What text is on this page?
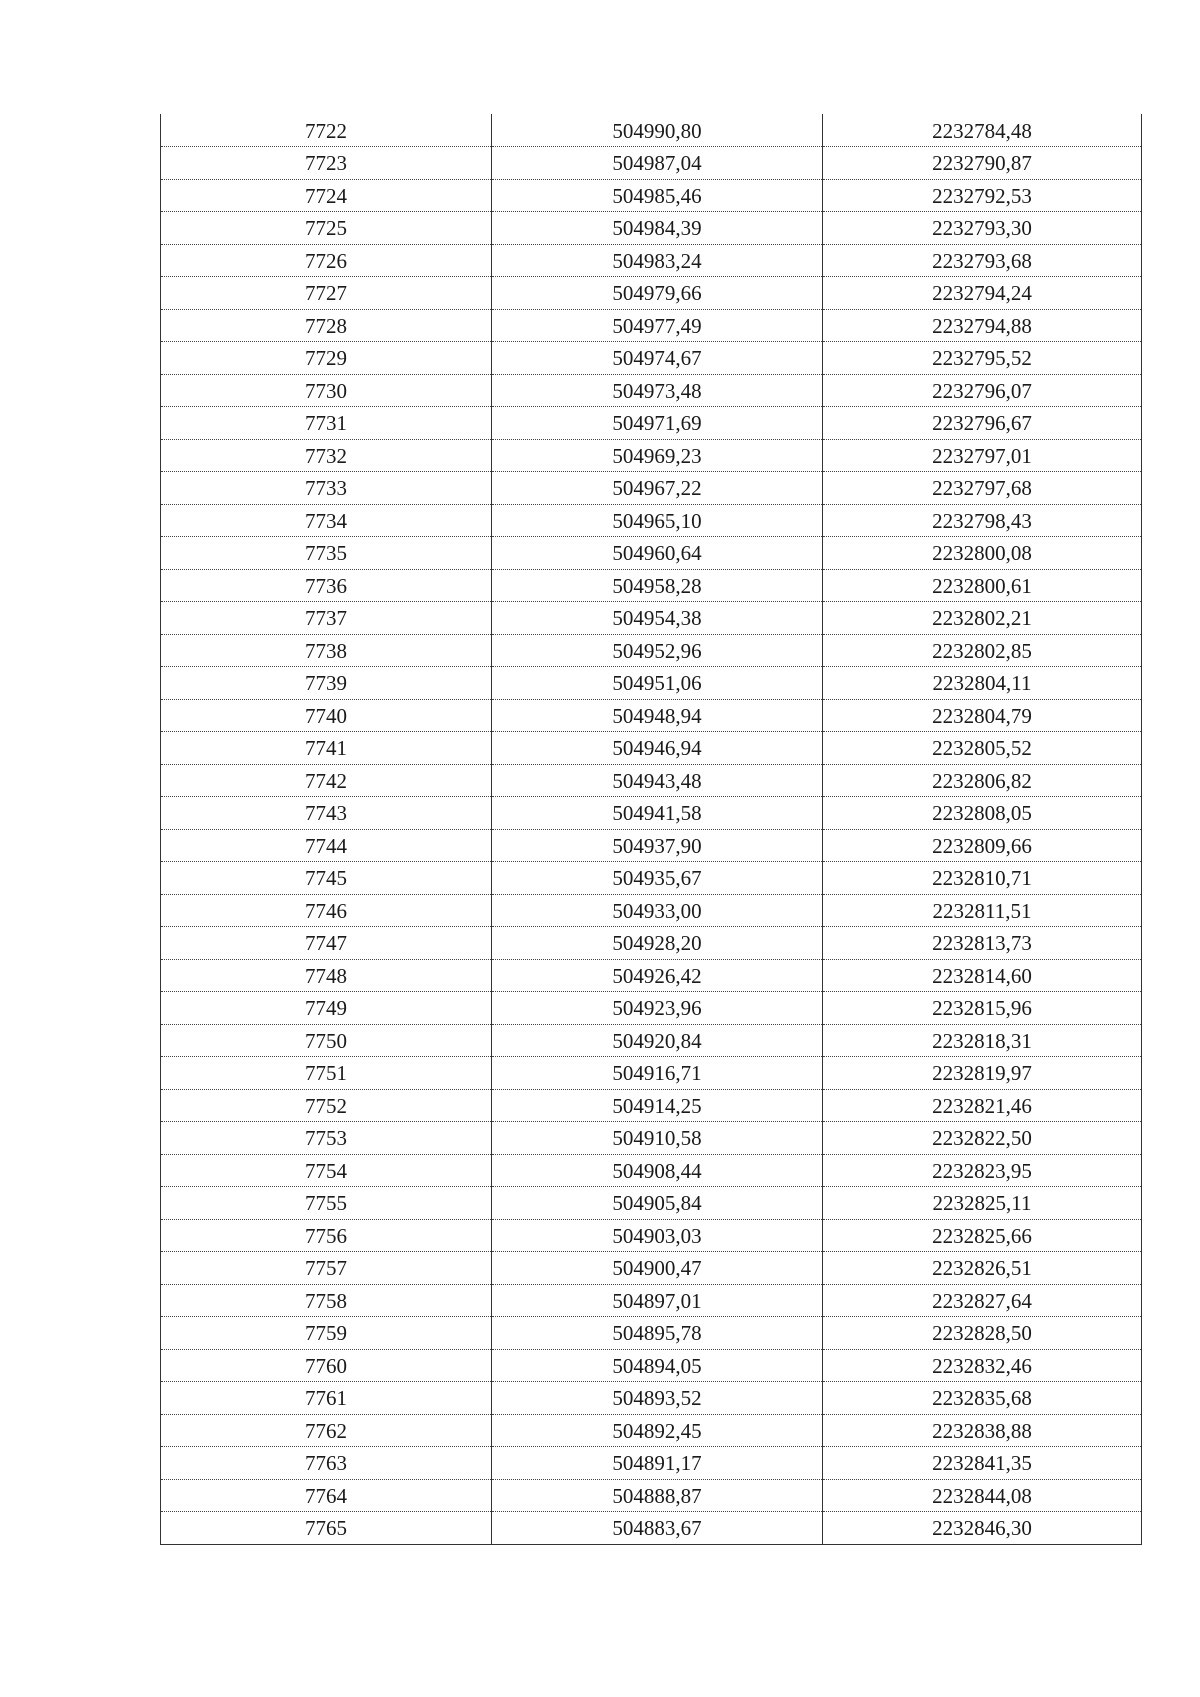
7722	504990,80	2232784,48
7723	504987,04	2232790,87
7724	504985,46	2232792,53
7725	504984,39	2232793,30
7726	504983,24	2232793,68
7727	504979,66	2232794,24
7728	504977,49	2232794,88
7729	504974,67	2232795,52
7730	504973,48	2232796,07
7731	504971,69	2232796,67
7732	504969,23	2232797,01
7733	504967,22	2232797,68
7734	504965,10	2232798,43
7735	504960,64	2232800,08
7736	504958,28	2232800,61
7737	504954,38	2232802,21
7738	504952,96	2232802,85
7739	504951,06	2232804,11
7740	504948,94	2232804,79
7741	504946,94	2232805,52
7742	504943,48	2232806,82
7743	504941,58	2232808,05
7744	504937,90	2232809,66
7745	504935,67	2232810,71
7746	504933,00	2232811,51
7747	504928,20	2232813,73
7748	504926,42	2232814,60
7749	504923,96	2232815,96
7750	504920,84	2232818,31
7751	504916,71	2232819,97
7752	504914,25	2232821,46
7753	504910,58	2232822,50
7754	504908,44	2232823,95
7755	504905,84	2232825,11
7756	504903,03	2232825,66
7757	504900,47	2232826,51
7758	504897,01	2232827,64
7759	504895,78	2232828,50
7760	504894,05	2232832,46
7761	504893,52	2232835,68
7762	504892,45	2232838,88
7763	504891,17	2232841,35
7764	504888,87	2232844,08
7765	504883,67	2232846,30
